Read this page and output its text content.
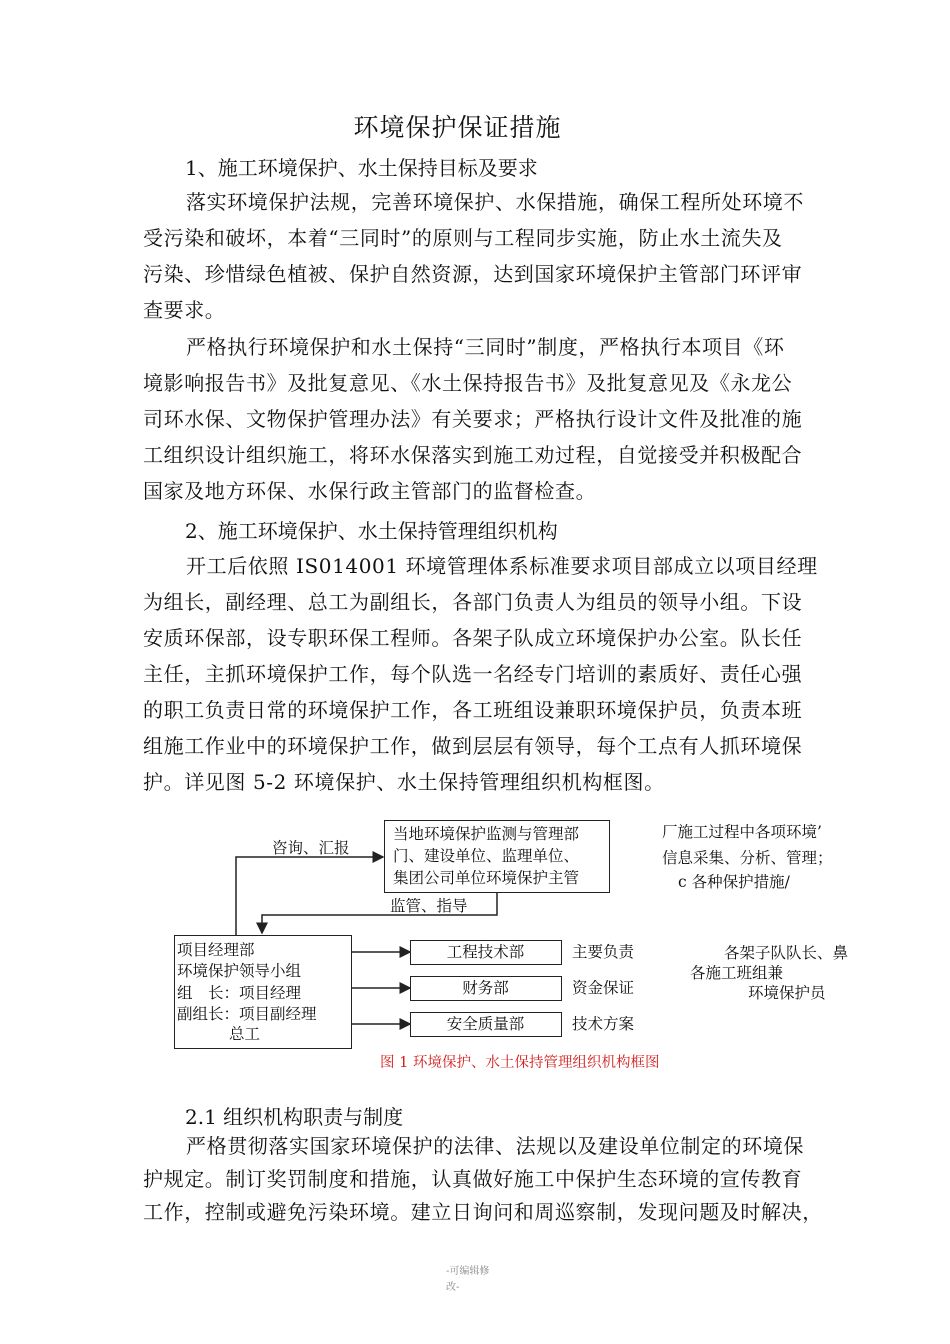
环境保护保证措施
1、施工环境保护、水土保持目标及要求
落实环境保护法规，完善环境保护、水保措施，确保工程所处环境不
受污染和破坏，本着“三同时”的原则与工程同步实施，防止水土流失及
污染、珍惜绿色植被、保护自然资源，达到国家环境保护主管部门环评审
查要求。
严格执行环境保护和水土保持“三同时”制度，严格执行本项目《环
境影响报告书》及批复意见、《水土保持报告书》及批复意见及《永龙公
司环水保、文物保护管理办法》有关要求；严格执行设计文件及批准的施
工组织设计组织施工，将环水保落实到施工劝过程，自觉接受并积极配合
国家及地方环保、水保行政主管部门的监督检查。
2、施工环境保护、水土保持管理组织机构
开工后依照 IS014001 环境管理体系标准要求项目部成立以项目经理
为组长，副经理、总工为副组长，各部门负责人为组员的领导小组。下设
安质环保部，设专职环保工程师。各架子队成立环境保护办公室。队长任
主任，主抓环境保护工作，每个队选一名经专门培训的素质好、责任心强
的职工负责日常的环境保护工作，各工班组设兼职环境保护员，负责本班
组施工作业中的环境保护工作，做到层层有领导，每个工点有人抓环境保
护。详见图 5-2 环境保护、水土保持管理组织机构框图。
当地环境保护监测与管理部
门、建设单位、监理单位、
集团公司单位环境保护主管
咨询、汇报
监管、指导
厂施工过程中各项环境’
信息采集、分析、管理；
c 各种保护措施/
项目经理部
环境保护领导小组
组　长：项目经理
副组长：项目副经理
总工
工程技术部
财务部
安全质量部
主要负责
资金保证
技术方案
各架子队队长、鼻
各施工班组兼
环境保护员
图 1 环境保护、水土保持管理组织机构框图
2.1 组织机构职责与制度
严格贯彻落实国家环境保护的法律、法规以及建设单位制定的环境保
护规定。制订奖罚制度和措施，认真做好施工中保护生态环境的宣传教育
工作，控制或避免污染环境。建立日询问和周巡察制，发现问题及时解决，
-可编辑修
改-
